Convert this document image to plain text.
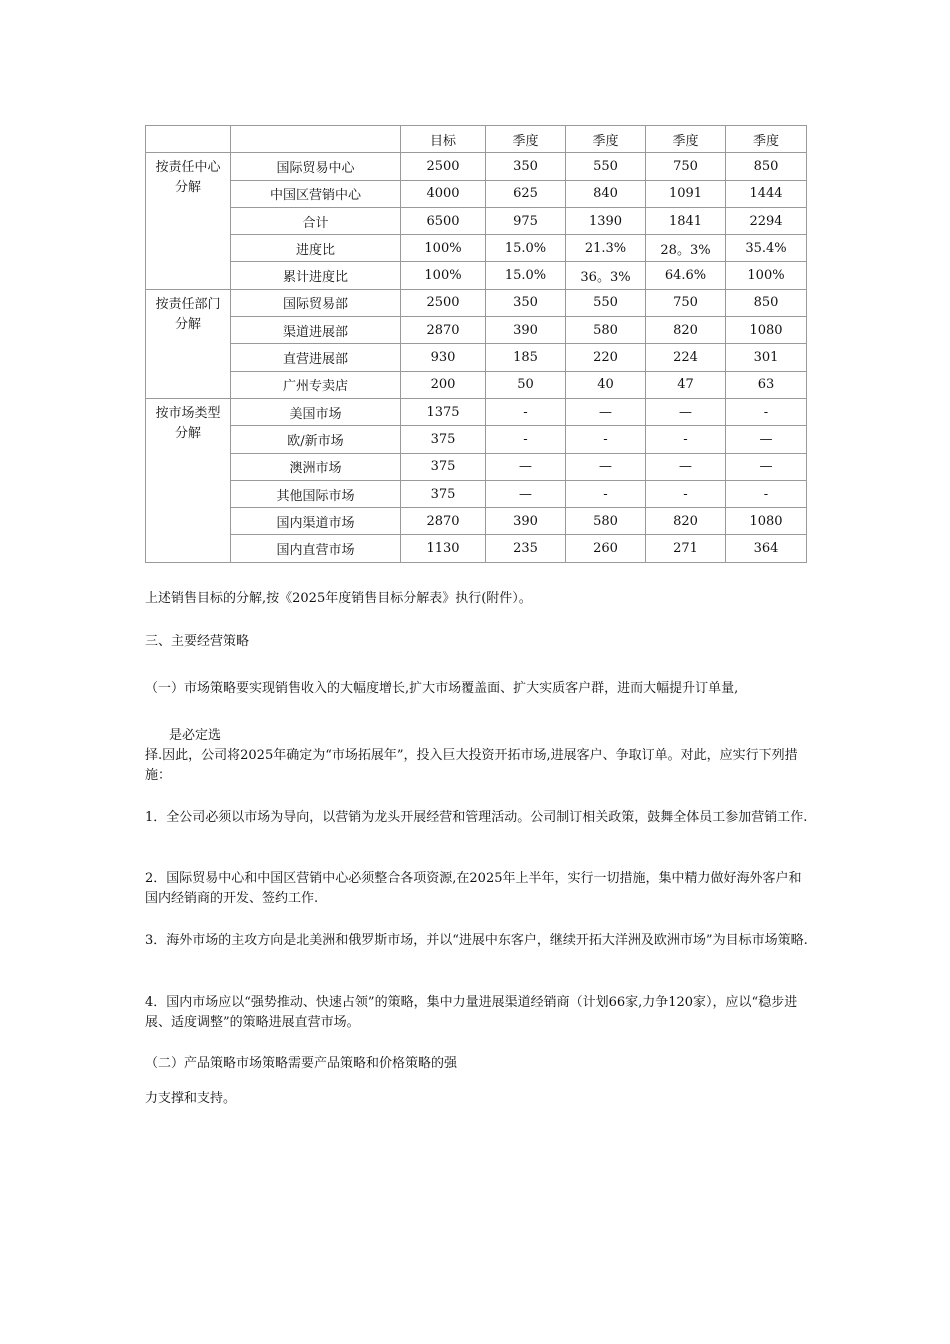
		目标	季度	季度	季度	季度

按责任中心
分解	国际贸易中心	2500	350	550	750	850
	中国区营销中心	4000	625	840	1091	1444
	合计	6500	975	1390	1841	2294
	进度比	100%	15.0%	21.3%	28。3%	35.4%
	累计进度比	100%	15.0%	36。3%	64.6%	100%

按责任部门
分解	国际贸易部	2500	350	550	750	850
	渠道进展部	2870	390	580	820	1080
	直营进展部	930	185	220	224	301
	广州专卖店	200	50	40	47	63

按市场类型
分解	美国市场	1375	-	—	—	-
	欧/新市场	375	-	-	-	—
	澳洲市场	375	—	—	—	—
	其他国际市场	375	—	-	-	-
	国内渠道市场	2870	390	580	820	1080
	国内直营市场	1130	235	260	271	364

上述销售目标的分解,按《2025年度销售目标分解表》执行(附件）。

三、主要经营策略

（一）市场策略要实现销售收入的大幅度增长,扩大市场覆盖面、扩大实质客户群，进而大幅提升订单量,

是必定选

择.因此，公司将2025年确定为“市场拓展年”，投入巨大投资开拓市场,进展客户、争取订单。对此，应实行下列措施：

1．全公司必须以市场为导向，以营销为龙头开展经营和管理活动。公司制订相关政策，鼓舞全体员工参加营销工作.

2．国际贸易中心和中国区营销中心必须整合各项资源,在2025年上半年，实行一切措施，集中精力做好海外客户和国内经销商的开发、签约工作.

3．海外市场的主攻方向是北美洲和俄罗斯市场，并以“进展中东客户，继续开拓大洋洲及欧洲市场”为目标市场策略.

4．国内市场应以“强势推动、快速占领”的策略，集中力量进展渠道经销商（计划66家,力争120家），应以“稳步进展、适度调整”的策略进展直营市场。

（二）产品策略市场策略需要产品策略和价格策略的强

力支撑和支持。
